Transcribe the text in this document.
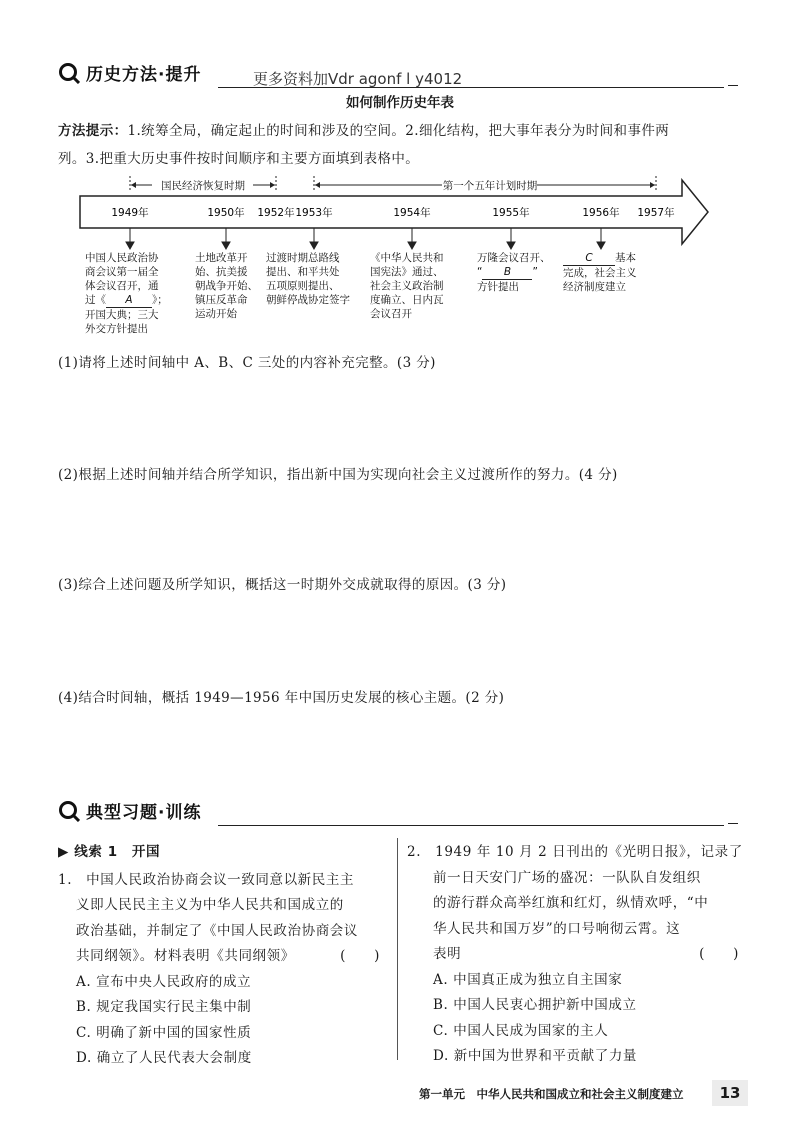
历史方法·提升	更多资料加Vdr agonf l y4012
如何制作历史年表
方法提示：1.统筹全局，确定起止的时间和涉及的空间。2.细化结构，把大事年表分为时间和事件两
列。3.把重大历史事件按时间顺序和主要方面填到表格中。
国民经济恢复时期	第一个五年计划时期
1949年	1950年 1952年 1953年	1954年	1955年	1956年 1957年
中国人民政治协
商会议第一届全
体会议召开，通
过《 A 》；
开国大典；三大
外交方针提出
土地改革开
始、抗美援
朝战争开始、
镇压反革命
运动开始
过渡时期总路线
提出、和平共处
五项原则提出、
朝鲜停战协定签字
《中华人民共和
国宪法》通过、
社会主义政治制
度确立、日内瓦
会议召开
万隆会议召开、
“ B ”
方针提出
C 基本
完成，社会主义
经济制度建立
(1)请将上述时间轴中 A、B、C 三处的内容补充完整。(3 分)
(2)根据上述时间轴并结合所学知识，指出新中国为实现向社会主义过渡所作的努力。(4 分)
(3)综合上述问题及所学知识，概括这一时期外交成就取得的原因。(3 分)
(4)结合时间轴，概括 1949—1956 年中国历史发展的核心主题。(2 分)
典型习题·训练
▶ 线索 1　开国
1.　中国人民政治协商会议一致同意以新民主主
义即人民民主主义为中华人民共和国成立的
政治基础，并制定了《中国人民政治协商会议
共同纲领》。材料表明《共同纲领》	(　　)
A. 宣布中央人民政府的成立
B. 规定我国实行民主集中制
C. 明确了新中国的国家性质
D. 确立了人民代表大会制度
2.　1949 年 10 月 2 日刊出的《光明日报》，记录了
前一日天安门广场的盛况：一队队自发组织
的游行群众高举红旗和红灯，纵情欢呼，“中
华人民共和国万岁”的口号响彻云霄。这
表明	(　　)
A. 中国真正成为独立自主国家
B. 中国人民衷心拥护新中国成立
C. 中国人民成为国家的主人
D. 新中国为世界和平贡献了力量
第一单元　中华人民共和国成立和社会主义制度建立	13
